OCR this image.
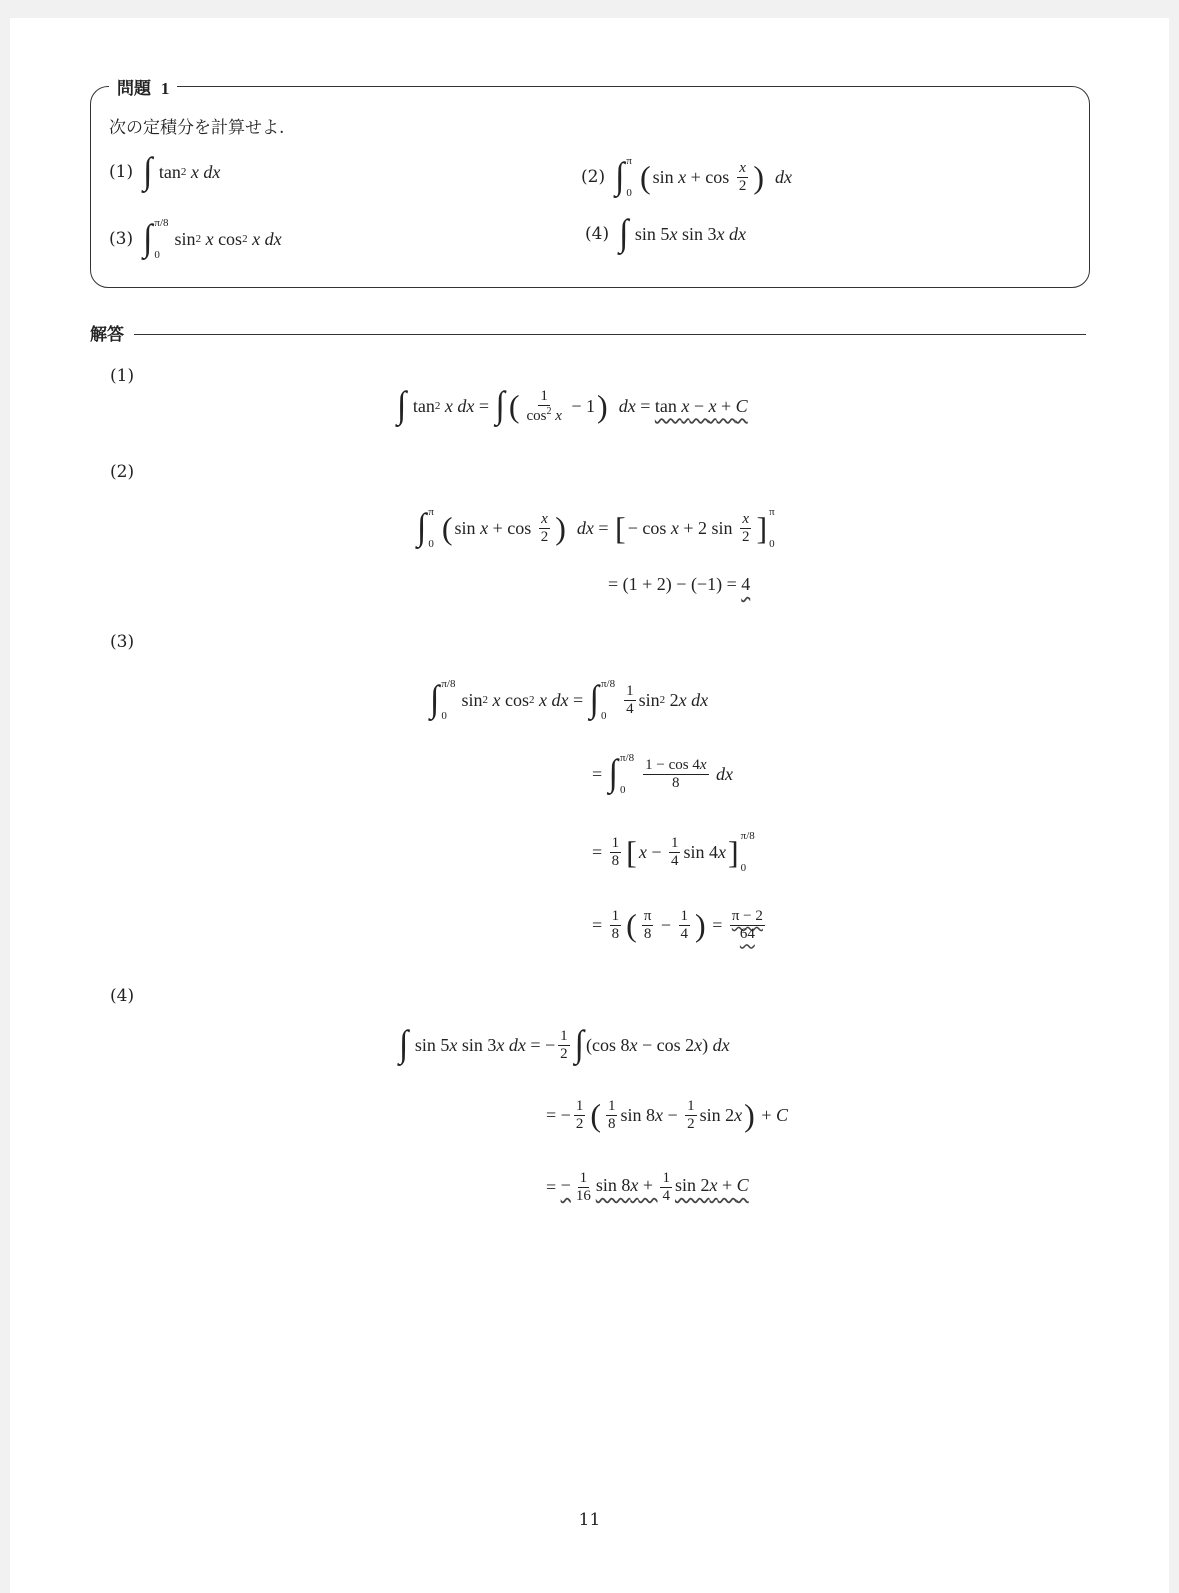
問題 1
次の定積分を計算せよ.
(1) ∫ tan 2
x
dx	(2) ∫ π
0 ( $\sin x + \cos \frac{x}{2}$ )
dx
(3) ∫ π/8
0
sin 2
x cos 2
x
dx	(4) ∫ sin 5 x sin 3 x
dx
解答
(1)
∫ tan 2
x
dx = ∫ ( $\frac{1}{\cos^2 x} - 1$ )
dx = tan x − x + C
(2)
∫ π
0 ( $\sin x + \cos \frac{x}{2}$ )
dx = [ − cos x + 2 $\sin \frac{x}{2}$ ] π
0
= (1 + 2) − (−1) = 4
(3)
∫ π/8
0
sin 2
x cos 2
x
dx = ∫ π/8
0	$\frac{1}{4}$ sin 2 2 x
dx
= ∫ π/8
0	$\frac{1 - \cos 4x}{8}$
dx
= $\frac{1}{8}$ [ $x - \frac{1}{4}$ sin 4 x ] π/8
0
= $\frac{1}{8}$ ( $\frac{\pi}{8} - \frac{1}{4}$ ) = $\frac{\pi - 2}{64}$
(4)
∫ sin 5 x sin 3 x
dx = − $\frac{1}{2}$ ∫ (cos 8 x − cos 2 x ) dx
= − $\frac{1}{2}$ ( $\frac{1}{8}$ sin 8 $x - \frac{1}{2}$ sin 2 x ) + C
= − $\frac{1}{16}$ $\sin 8x + \frac{1}{4}$ sin 2x + C
11
